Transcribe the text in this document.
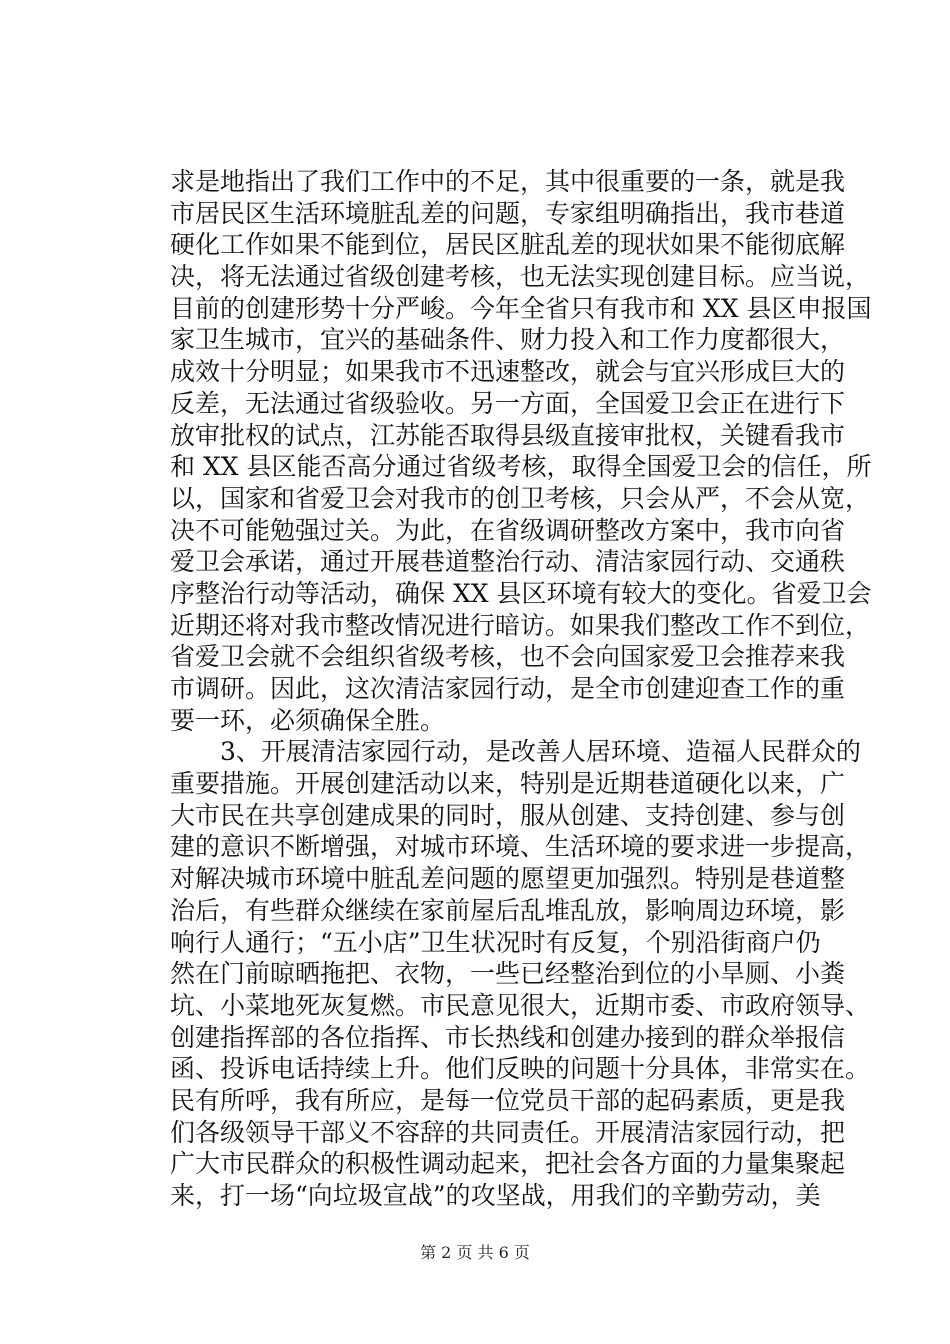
求是地指出了我们工作中的不足，其中很重要的一条，就是我
市居民区生活环境脏乱差的问题，专家组明确指出，我市巷道
硬化工作如果不能到位，居民区脏乱差的现状如果不能彻底解
决，将无法通过省级创建考核，也无法实现创建目标。应当说，
目前的创建形势十分严峻。今年全省只有我市和 XX 县区申报国
家卫生城市，宜兴的基础条件、财力投入和工作力度都很大，
成效十分明显；如果我市不迅速整改，就会与宜兴形成巨大的
反差，无法通过省级验收。另一方面，全国爱卫会正在进行下
放审批权的试点，江苏能否取得县级直接审批权，关键看我市
和 XX 县区能否高分通过省级考核，取得全国爱卫会的信任，所
以，国家和省爱卫会对我市的创卫考核，只会从严，不会从宽，
决不可能勉强过关。为此，在省级调研整改方案中，我市向省
爱卫会承诺，通过开展巷道整治行动、清洁家园行动、交通秩
序整治行动等活动，确保 XX 县区环境有较大的变化。省爱卫会
近期还将对我市整改情况进行暗访。如果我们整改工作不到位，
省爱卫会就不会组织省级考核，也不会向国家爱卫会推荐来我
市调研。因此，这次清洁家园行动，是全市创建迎查工作的重
要一环，必须确保全胜。
　　3、开展清洁家园行动，是改善人居环境、造福人民群众的
重要措施。开展创建活动以来，特别是近期巷道硬化以来，广
大市民在共享创建成果的同时，服从创建、支持创建、参与创
建的意识不断增强，对城市环境、生活环境的要求进一步提高，
对解决城市环境中脏乱差问题的愿望更加强烈。特别是巷道整
治后，有些群众继续在家前屋后乱堆乱放，影响周边环境，影
响行人通行；“五小店”卫生状况时有反复，个别沿街商户仍
然在门前晾晒拖把、衣物，一些已经整治到位的小旱厕、小粪
坑、小菜地死灰复燃。市民意见很大，近期市委、市政府领导、
创建指挥部的各位指挥、市长热线和创建办接到的群众举报信
函、投诉电话持续上升。他们反映的问题十分具体，非常实在。
民有所呼，我有所应，是每一位党员干部的起码素质，更是我
们各级领导干部义不容辞的共同责任。开展清洁家园行动，把
广大市民群众的积极性调动起来，把社会各方面的力量集聚起
来，打一场“向垃圾宣战”的攻坚战，用我们的辛勤劳动，美
第 2 页 共 6 页
